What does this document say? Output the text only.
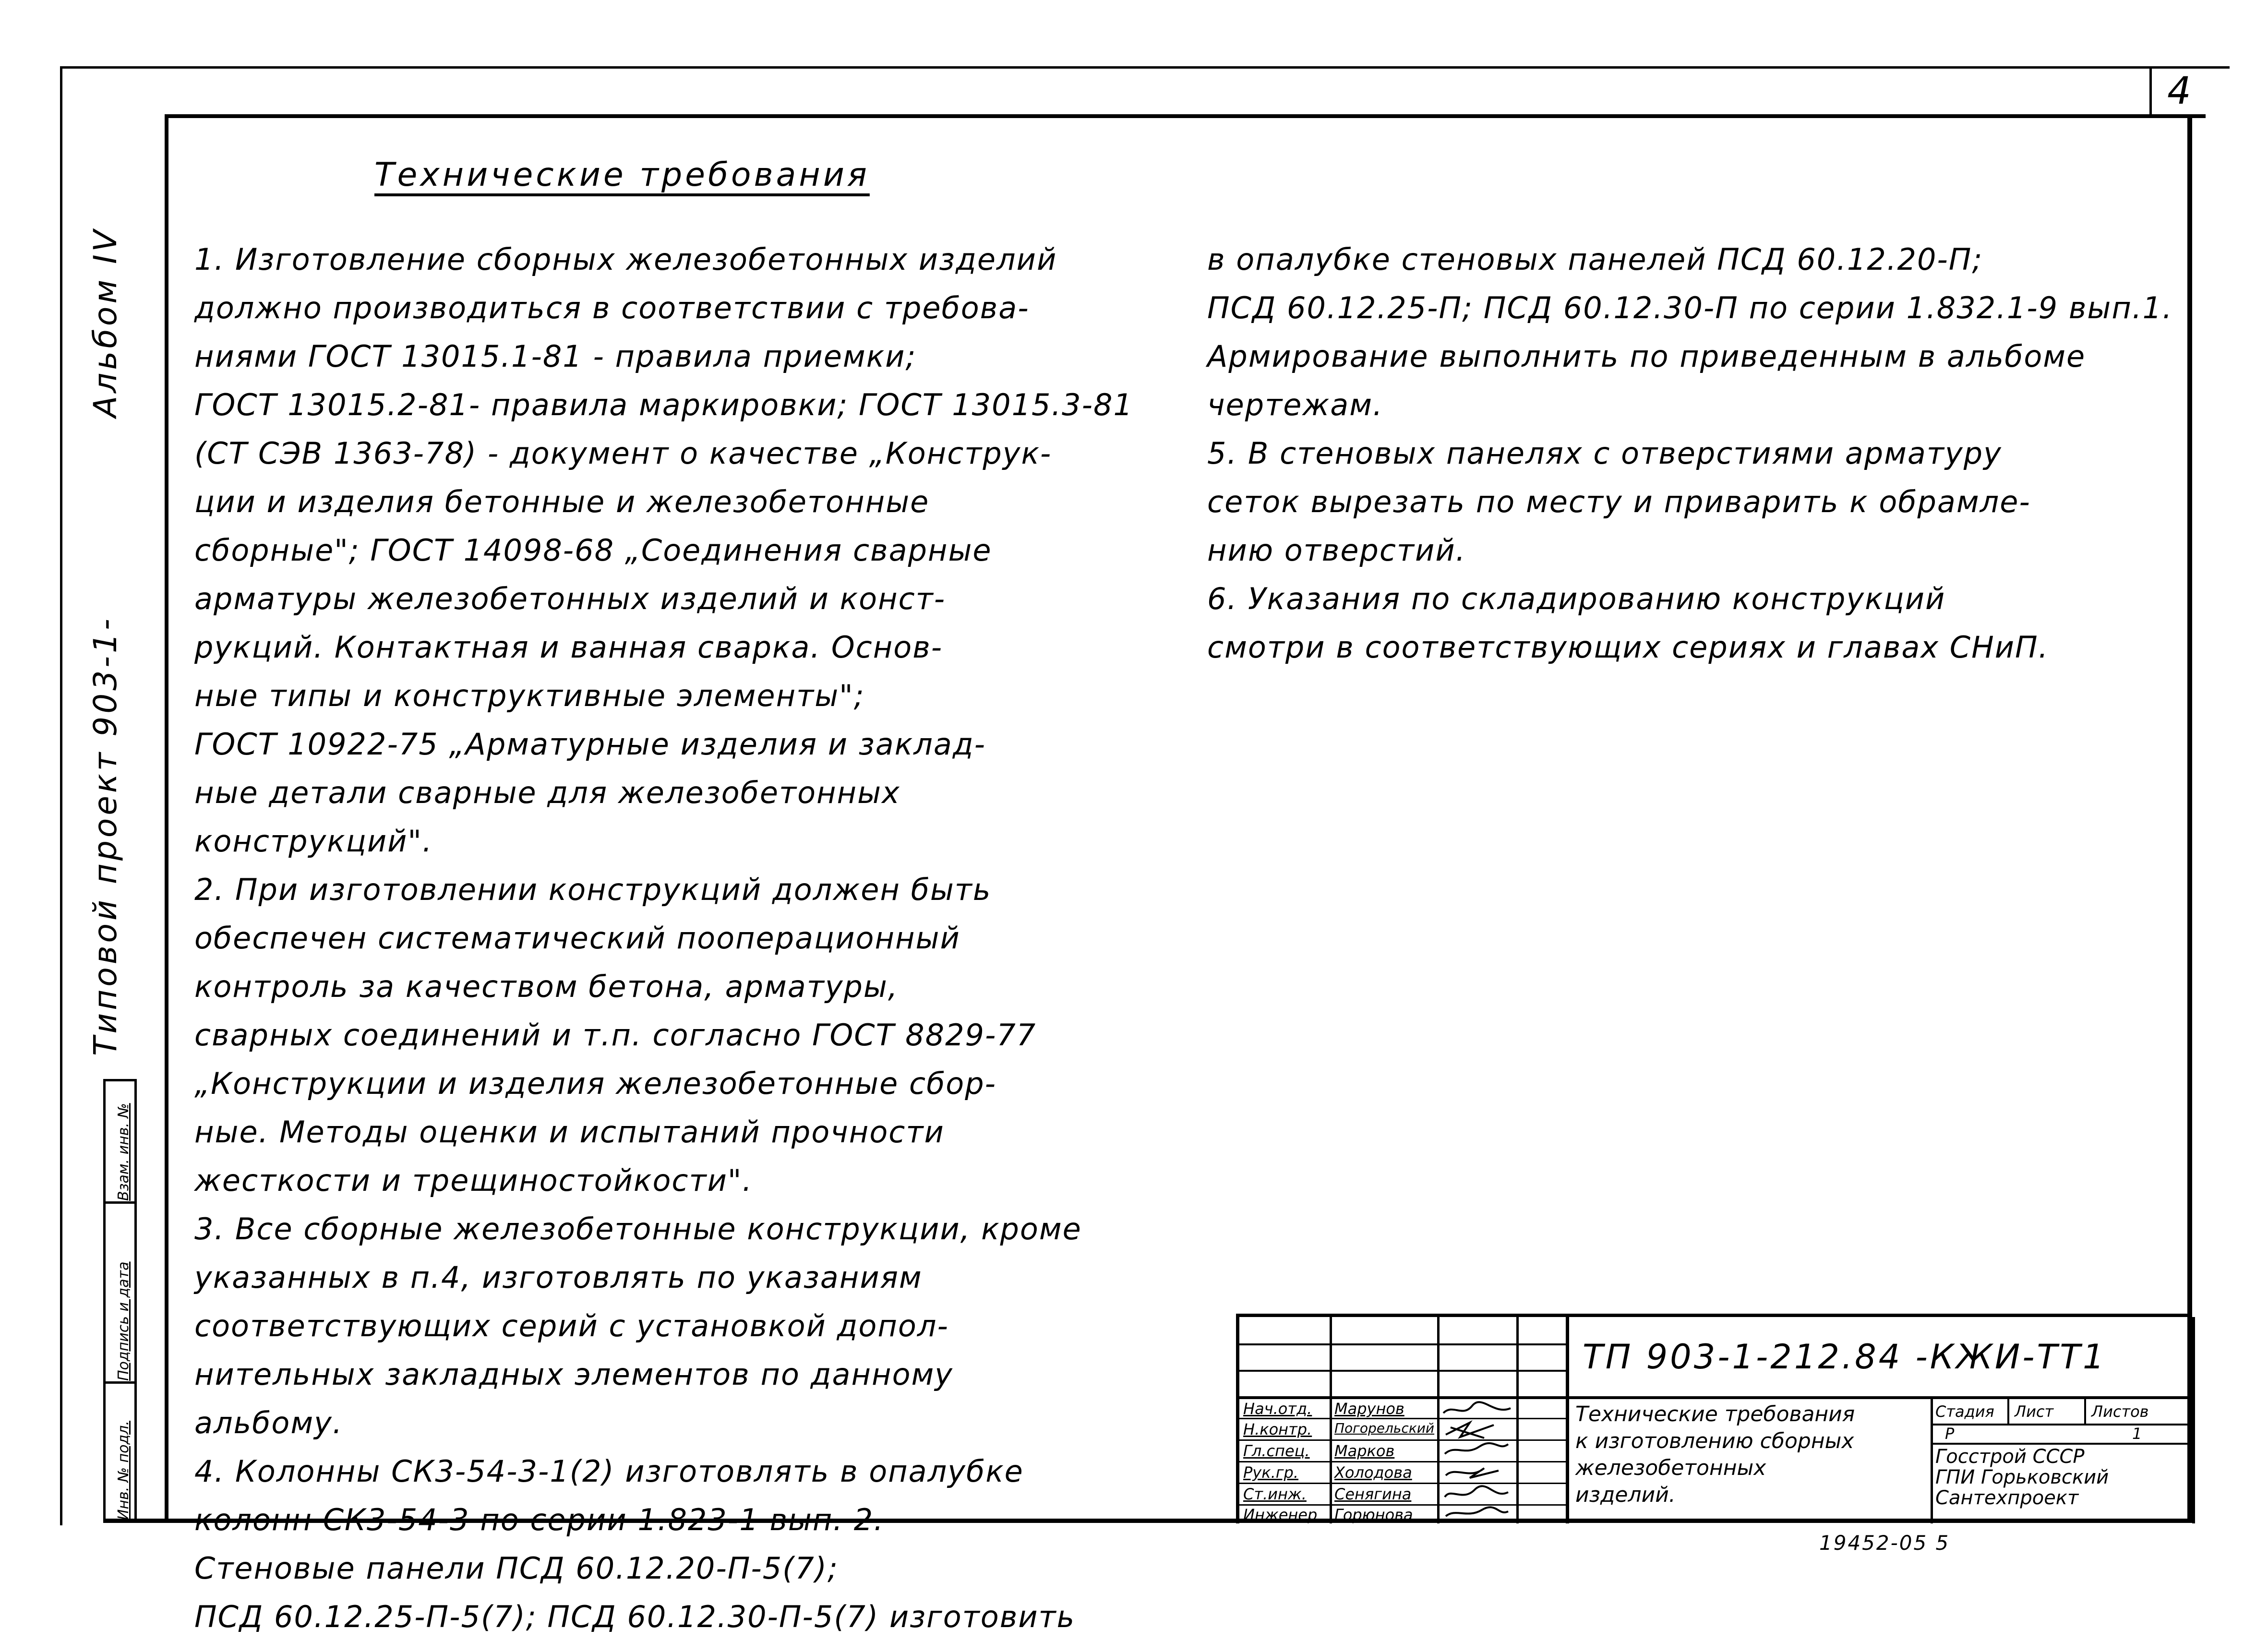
4
Технические требования
1. Изготовление сборных железобетонных изделий
должно производиться в соответствии с требова-
ниями ГОСТ 13015.1-81 - правила приемки;
ГОСТ 13015.2-81- правила маркировки; ГОСТ 13015.3-81
(СТ СЭВ 1363-78) - документ о качестве „Конструк-
ции и изделия бетонные и железобетонные
сборные"; ГОСТ 14098-68 „Соединения сварные
арматуры железобетонных изделий и конст-
рукций. Контактная и ванная сварка. Основ-
ные типы и конструктивные элементы";
ГОСТ 10922-75 „Арматурные изделия и заклад-
ные детали сварные для железобетонных
конструкций".
2. При изготовлении конструкций должен быть
обеспечен систематический пооперационный
контроль за качеством бетона, арматуры,
сварных соединений и т.п. согласно ГОСТ 8829-77
„Конструкции и изделия железобетонные сбор-
ные. Методы оценки и испытаний прочности
жесткости и трещиностойкости".
3. Все сборные железобетонные конструкции, кроме
указанных в п.4, изготовлять по указаниям
соответствующих серий с установкой допол-
нительных закладных элементов по данному
альбому.
4. Колонны СК3-54-3-1(2) изготовлять в опалубке
колонн СК3-54-3 по серии 1.823-1 вып. 2.
Стеновые панели ПСД 60.12.20-П-5(7);
ПСД 60.12.25-П-5(7); ПСД 60.12.30-П-5(7) изготовить
в опалубке стеновых панелей ПСД 60.12.20-П;
ПСД 60.12.25-П; ПСД 60.12.30-П по серии 1.832.1-9 вып.1.
Армирование выполнить по приведенным в альбоме
чертежам.
5. В стеновых панелях с отверстиями арматуру
сеток вырезать по месту и приварить к обрамле-
нию отверстий.
6. Указания по складированию конструкций
смотри в соответствующих сериях и главах СНиП.
Типовой проект 903-1-
Альбом IV
Взам. инв. №
Подпись и дата
Инв. № подл.
ТП 903-1-212.84 -КЖИ-ТТ1
Технические требования
к изготовлению сборных
железобетонных
изделий.
Стадия Лист Листов
Р	1
Госстрой СССР
ГПИ Горьковский
Сантехпроект
Нач.отд.
Н.контр.
Гл.спец.
Рук.гр.
Ст.инж.
Инженер
Марунов
Погорельский
Марков
Холодова
Сенягина
Горюнова
19452-05 5
